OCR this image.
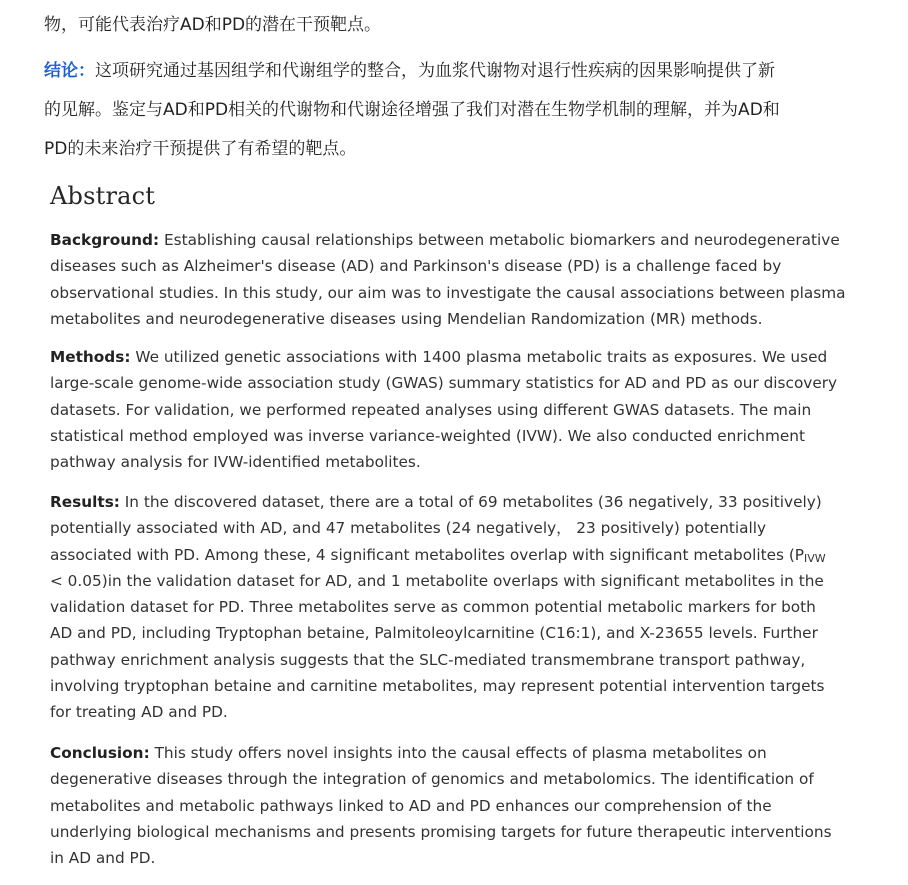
物，可能代表治疗AD和PD的潜在干预靶点。
结论：这项研究通过基因组学和代谢组学的整合，为血浆代谢物对退行性疾病的因果影响提供了新
的见解。鉴定与AD和PD相关的代谢物和代谢途径增强了我们对潜在生物学机制的理解，并为AD和
PD的未来治疗干预提供了有希望的靶点。
Abstract
Background: Establishing causal relationships between metabolic biomarkers and neurodegenerative
diseases such as Alzheimer's disease (AD) and Parkinson's disease (PD) is a challenge faced by
observational studies. In this study, our aim was to investigate the causal associations between plasma
metabolites and neurodegenerative diseases using Mendelian Randomization (MR) methods.
Methods: We utilized genetic associations with 1400 plasma metabolic traits as exposures. We used
large-scale genome-wide association study (GWAS) summary statistics for AD and PD as our discovery
datasets. For validation, we performed repeated analyses using different GWAS datasets. The main
statistical method employed was inverse variance-weighted (IVW). We also conducted enrichment
pathway analysis for IVW-identified metabolites.
Results: In the discovered dataset, there are a total of 69 metabolites (36 negatively, 33 positively)
potentially associated with AD, and 47 metabolites (24 negatively， 23 positively) potentially
associated with PD. Among these, 4 significant metabolites overlap with significant metabolites ($P_{IVW}$
< 0.05)in the validation dataset for AD, and 1 metabolite overlaps with significant metabolites in the
validation dataset for PD. Three metabolites serve as common potential metabolic markers for both
AD and PD, including Tryptophan betaine, Palmitoleoylcarnitine (C16:1), and X-23655 levels. Further
pathway enrichment analysis suggests that the SLC-mediated transmembrane transport pathway,
involving tryptophan betaine and carnitine metabolites, may represent potential intervention targets
for treating AD and PD.
Conclusion: This study offers novel insights into the causal effects of plasma metabolites on
degenerative diseases through the integration of genomics and metabolomics. The identification of
metabolites and metabolic pathways linked to AD and PD enhances our comprehension of the
underlying biological mechanisms and presents promising targets for future therapeutic interventions
in AD and PD.
